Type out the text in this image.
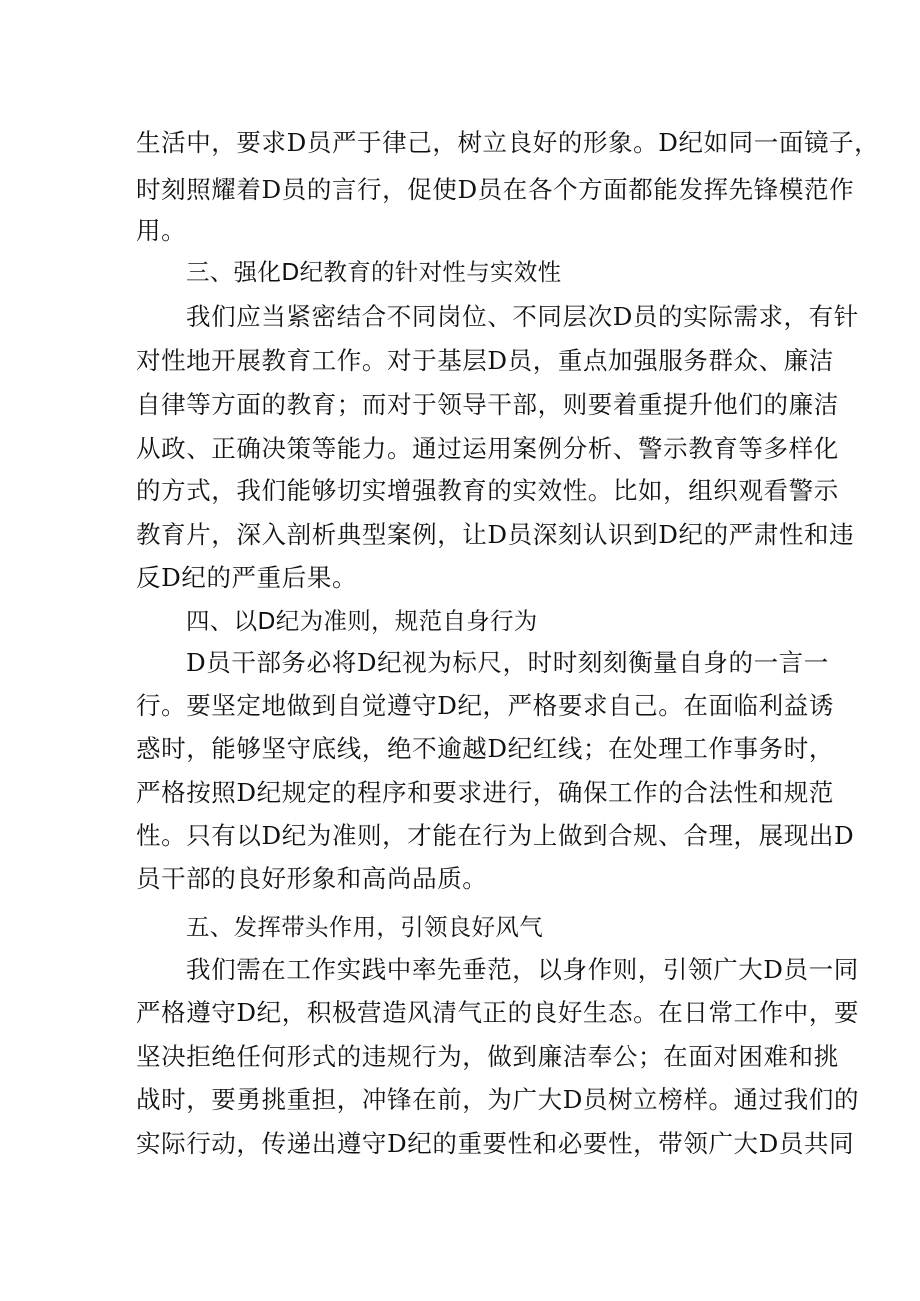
生活中，要求D员严于律己，树立良好的形象。D纪如同一面镜子，
时刻照耀着D员的言行，促使D员在各个方面都能发挥先锋模范作
用。
三、强化D纪教育的针对性与实效性
我们应当紧密结合不同岗位、不同层次D员的实际需求，有针
对性地开展教育工作。对于基层D员，重点加强服务群众、廉洁
自律等方面的教育；而对于领导干部，则要着重提升他们的廉洁
从政、正确决策等能力。通过运用案例分析、警示教育等多样化
的方式，我们能够切实增强教育的实效性。比如，组织观看警示
教育片，深入剖析典型案例，让D员深刻认识到D纪的严肃性和违
反D纪的严重后果。
四、以D纪为准则，规范自身行为
D员干部务必将D纪视为标尺，时时刻刻衡量自身的一言一
行。要坚定地做到自觉遵守D纪，严格要求自己。在面临利益诱
惑时，能够坚守底线，绝不逾越D纪红线；在处理工作事务时，
严格按照D纪规定的程序和要求进行，确保工作的合法性和规范
性。只有以D纪为准则，才能在行为上做到合规、合理，展现出D
员干部的良好形象和高尚品质。
五、发挥带头作用，引领良好风气
我们需在工作实践中率先垂范，以身作则，引领广大D员一同
严格遵守D纪，积极营造风清气正的良好生态。在日常工作中，要
坚决拒绝任何形式的违规行为，做到廉洁奉公；在面对困难和挑
战时，要勇挑重担，冲锋在前，为广大D员树立榜样。通过我们的
实际行动，传递出遵守D纪的重要性和必要性，带领广大D员共同
